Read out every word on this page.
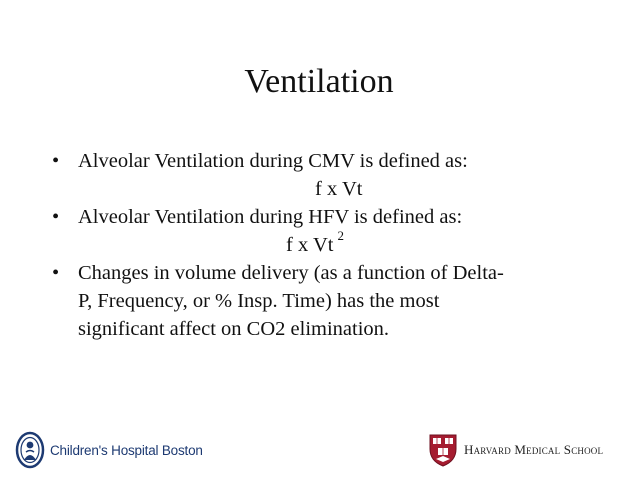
Ventilation
• Alveolar Ventilation during CMV is defined as:
f x Vt
• Alveolar Ventilation during HFV is defined as:
f x Vt $^2$
• Changes in volume delivery (as a function of Delta-
P, Frequency, or % Insp. Time) has the most
significant affect on CO2 elimination.
Children's Hospital Boston	Harvard Medical School
